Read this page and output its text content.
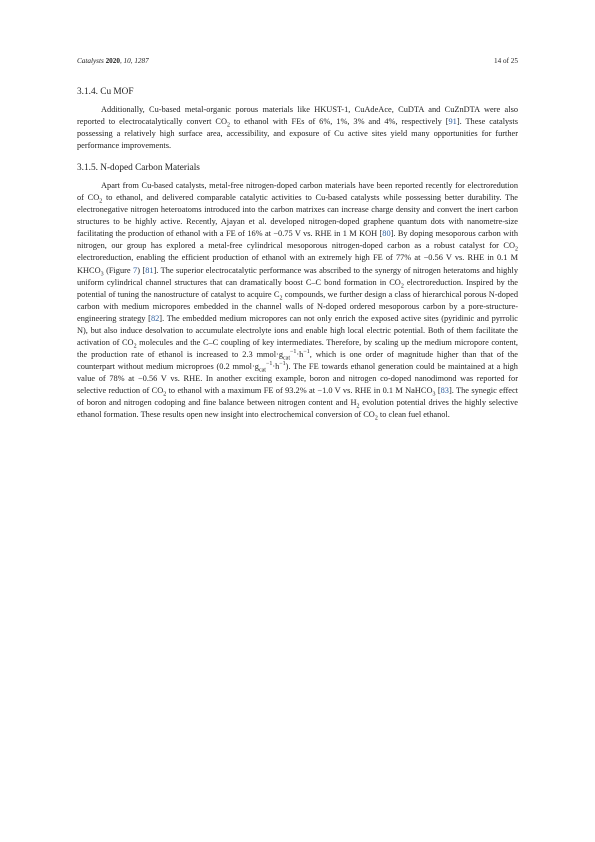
Catalysts 2020, 10, 1287	14 of 25
3.1.4. Cu MOF

Additionally, Cu-based metal-organic porous materials like HKUST-1, CuAdeAce, CuDTA and CuZnDTA were also reported to electrocatalytically convert $CO_2$ to ethanol with FEs of 6%, 1%, 3% and 4%, respectively [91]. These catalysts possessing a relatively high surface area, accessibility, and exposure of Cu active sites yield many opportunities for further performance improvements.

3.1.5. N-doped Carbon Materials

Apart from Cu-based catalysts, metal-free nitrogen-doped carbon materials have been reported recently for electroredution of $CO_2$ to ethanol, and delivered comparable catalytic activities to Cu-based catalysts while possessing better durability. The electronegative nitrogen heteroatoms introduced into the carbon matrixes can increase charge density and convert the inert carbon structures to be highly active. Recently, Ajayan et al. developed nitrogen-doped graphene quantum dots with nanometre-size facilitating the production of ethanol with a FE of 16% at −0.75 V vs. RHE in 1 M KOH [80]. By doping mesoporous carbon with nitrogen, our group has explored a metal-free cylindrical mesoporous nitrogen-doped carbon as a robust catalyst for $CO_2$ electroreduction, enabling the efficient production of ethanol with an extremely high FE of 77% at −0.56 V vs. RHE in 0.1 M $KHCO_3$ (Figure 7) [81]. The superior electrocatalytic performance was abscribed to the synergy of nitrogen heteratoms and highly uniform cylindrical channel structures that can dramatically boost C–C bond formation in $CO_2$ electroreduction. Inspired by the potential of tuning the nanostructure of catalyst to acquire $C_2$ compounds, we further design a class of hierarchical porous N-doped carbon with medium micropores embedded in the channel walls of N-doped ordered mesoporous carbon by a pore-structure-engineering strategy [82]. The embedded medium micropores can not only enrich the exposed active sites (pyridinic and pyrrolic N), but also induce desolvation to accumulate electrolyte ions and enable high local electric potential. Both of them facilitate the activation of $CO_2$ molecules and the C–C coupling of key intermediates. Therefore, by scaling up the medium micropore content, the production rate of ethanol is increased to 2.3 $mmol\cdot g_{cat}^{-1}\cdot h^{-1}$, which is one order of magnitude higher than that of the counterpart without medium microproes (0.2 $mmol\cdot g_{cat}^{-1}\cdot h^{-1}$). The FE towards ethanol generation could be maintained at a high value of 78% at −0.56 V vs. RHE. In another exciting example, boron and nitrogen co-doped nanodimond was reported for selective reduction of $CO_2$ to ethanol with a maximum FE of 93.2% at −1.0 V vs. RHE in 0.1 M NaHCO$_3$ [83]. The synegic effect of boron and nitrogen codoping and fine balance between nitrogen content and $H_2$ evolution potential drives the highly selective ethanol formation. These results open new insight into electrochemical conversion of $CO_2$ to clean fuel ethanol.
